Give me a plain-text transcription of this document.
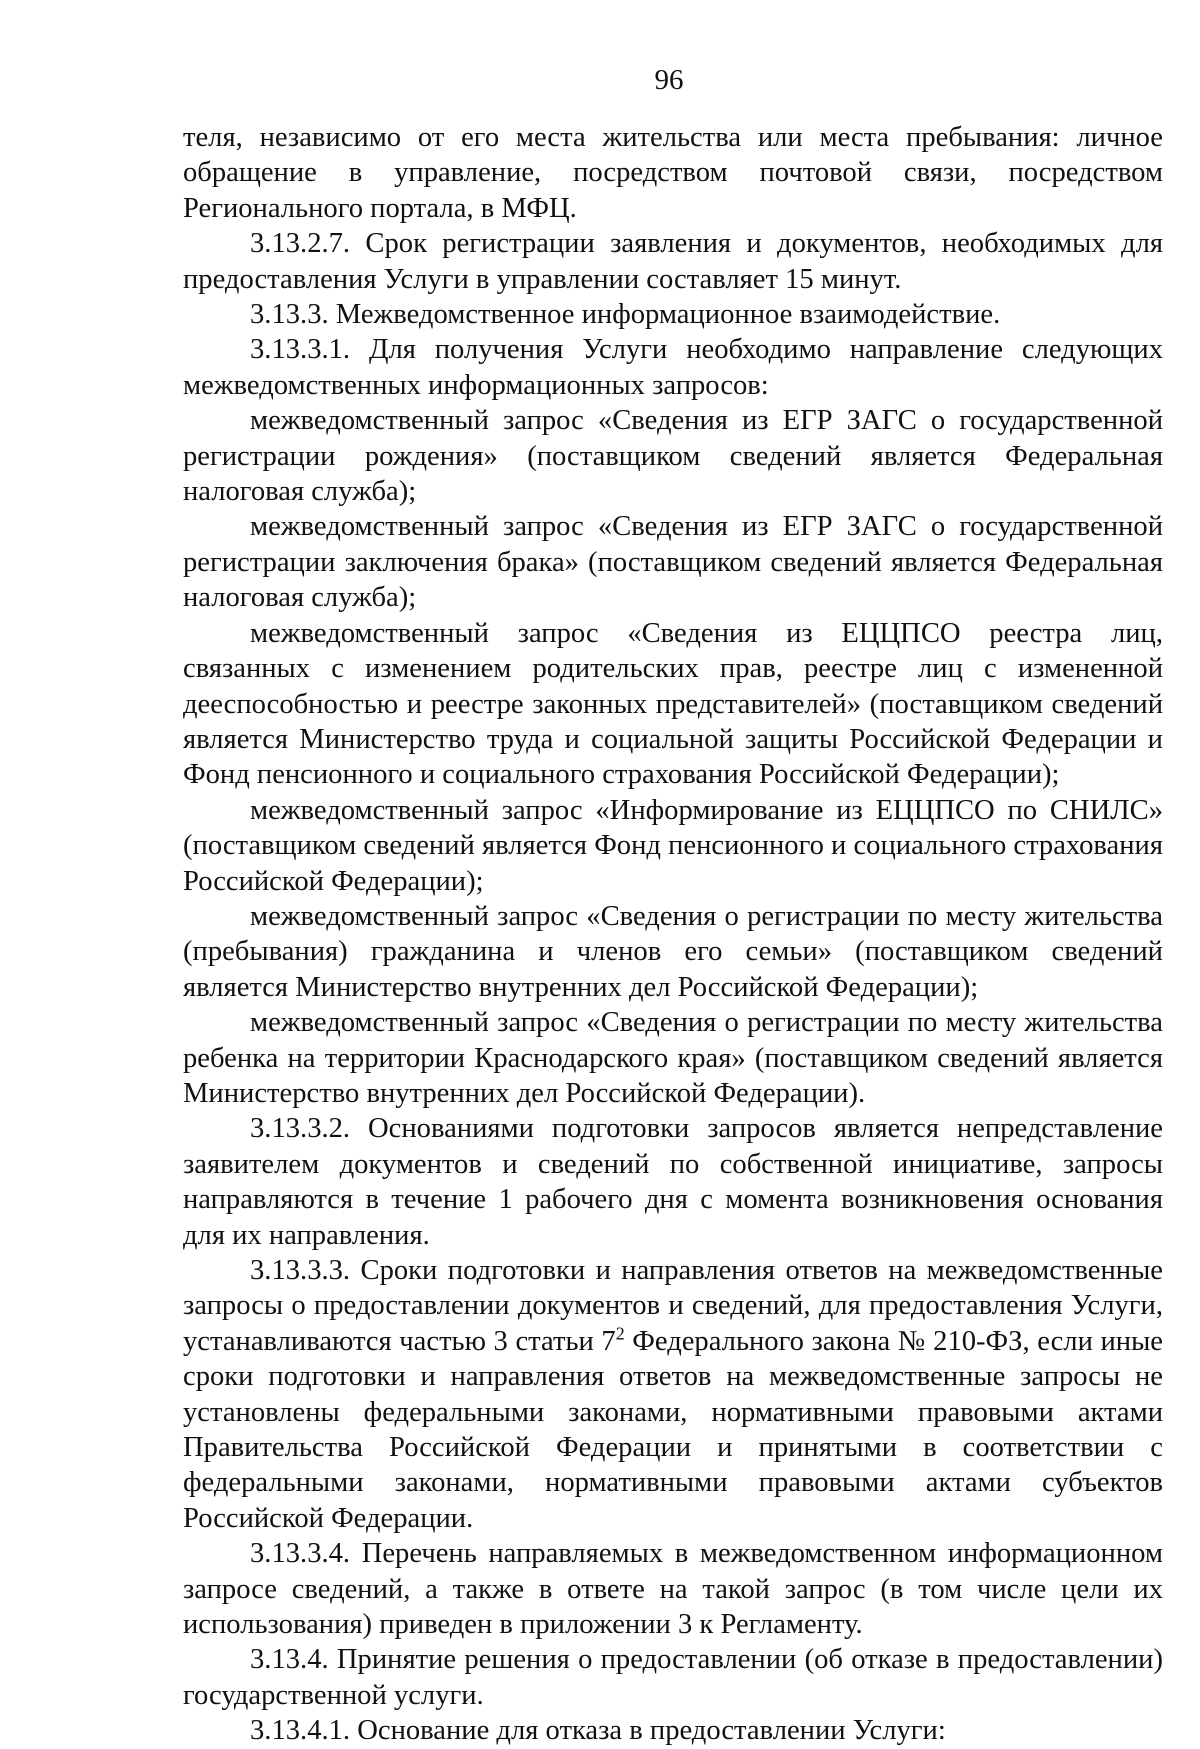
96

теля, независимо от его места жительства или места пребывания: личное обращение в управление, посредством почтовой связи, посредством Регионального портала, в МФЦ.

3.13.2.7. Срок регистрации заявления и документов, необходимых для предоставления Услуги в управлении составляет 15 минут.

3.13.3. Межведомственное информационное взаимодействие.

3.13.3.1. Для получения Услуги необходимо направление следующих межведомственных информационных запросов:

межведомственный запрос «Сведения из ЕГР ЗАГС о государственной регистрации рождения» (поставщиком сведений является Федеральная налоговая служба);

межведомственный запрос «Сведения из ЕГР ЗАГС о государственной регистрации заключения брака» (поставщиком сведений является Федеральная налоговая служба);

межведомственный запрос «Сведения из ЕЦЦПСО реестра лиц, связанных с изменением родительских прав, реестре лиц с измененной дееспособностью и реестре законных представителей» (поставщиком сведений является Министерство труда и социальной защиты Российской Федерации и Фонд пенсионного и социального страхования Российской Федерации);

межведомственный запрос «Информирование из ЕЦЦПСО по СНИЛС» (поставщиком сведений является Фонд пенсионного и социального страхования Российской Федерации);

межведомственный запрос «Сведения о регистрации по месту жительства (пребывания) гражданина и членов его семьи» (поставщиком сведений является Министерство внутренних дел Российской Федерации);

межведомственный запрос «Сведения о регистрации по месту жительства ребенка на территории Краснодарского края» (поставщиком сведений является Министерство внутренних дел Российской Федерации).

3.13.3.2. Основаниями подготовки запросов является непредставление заявителем документов и сведений по собственной инициативе, запросы направляются в течение 1 рабочего дня с момента возникновения основания для их направления.

3.13.3.3. Сроки подготовки и направления ответов на межведомственные запросы о предоставлении документов и сведений, для предоставления Услуги, устанавливаются частью 3 статьи $7^2$ Федерального закона № 210-ФЗ, если иные сроки подготовки и направления ответов на межведомственные запросы не установлены федеральными законами, нормативными правовыми актами Правительства Российской Федерации и принятыми в соответствии с федеральными законами, нормативными правовыми актами субъектов Российской Федерации.

3.13.3.4. Перечень направляемых в межведомственном информационном запросе сведений, а также в ответе на такой запрос (в том числе цели их использования) приведен в приложении 3 к Регламенту.

3.13.4. Принятие решения о предоставлении (об отказе в предоставлении) государственной услуги.

3.13.4.1. Основание для отказа в предоставлении Услуги:
